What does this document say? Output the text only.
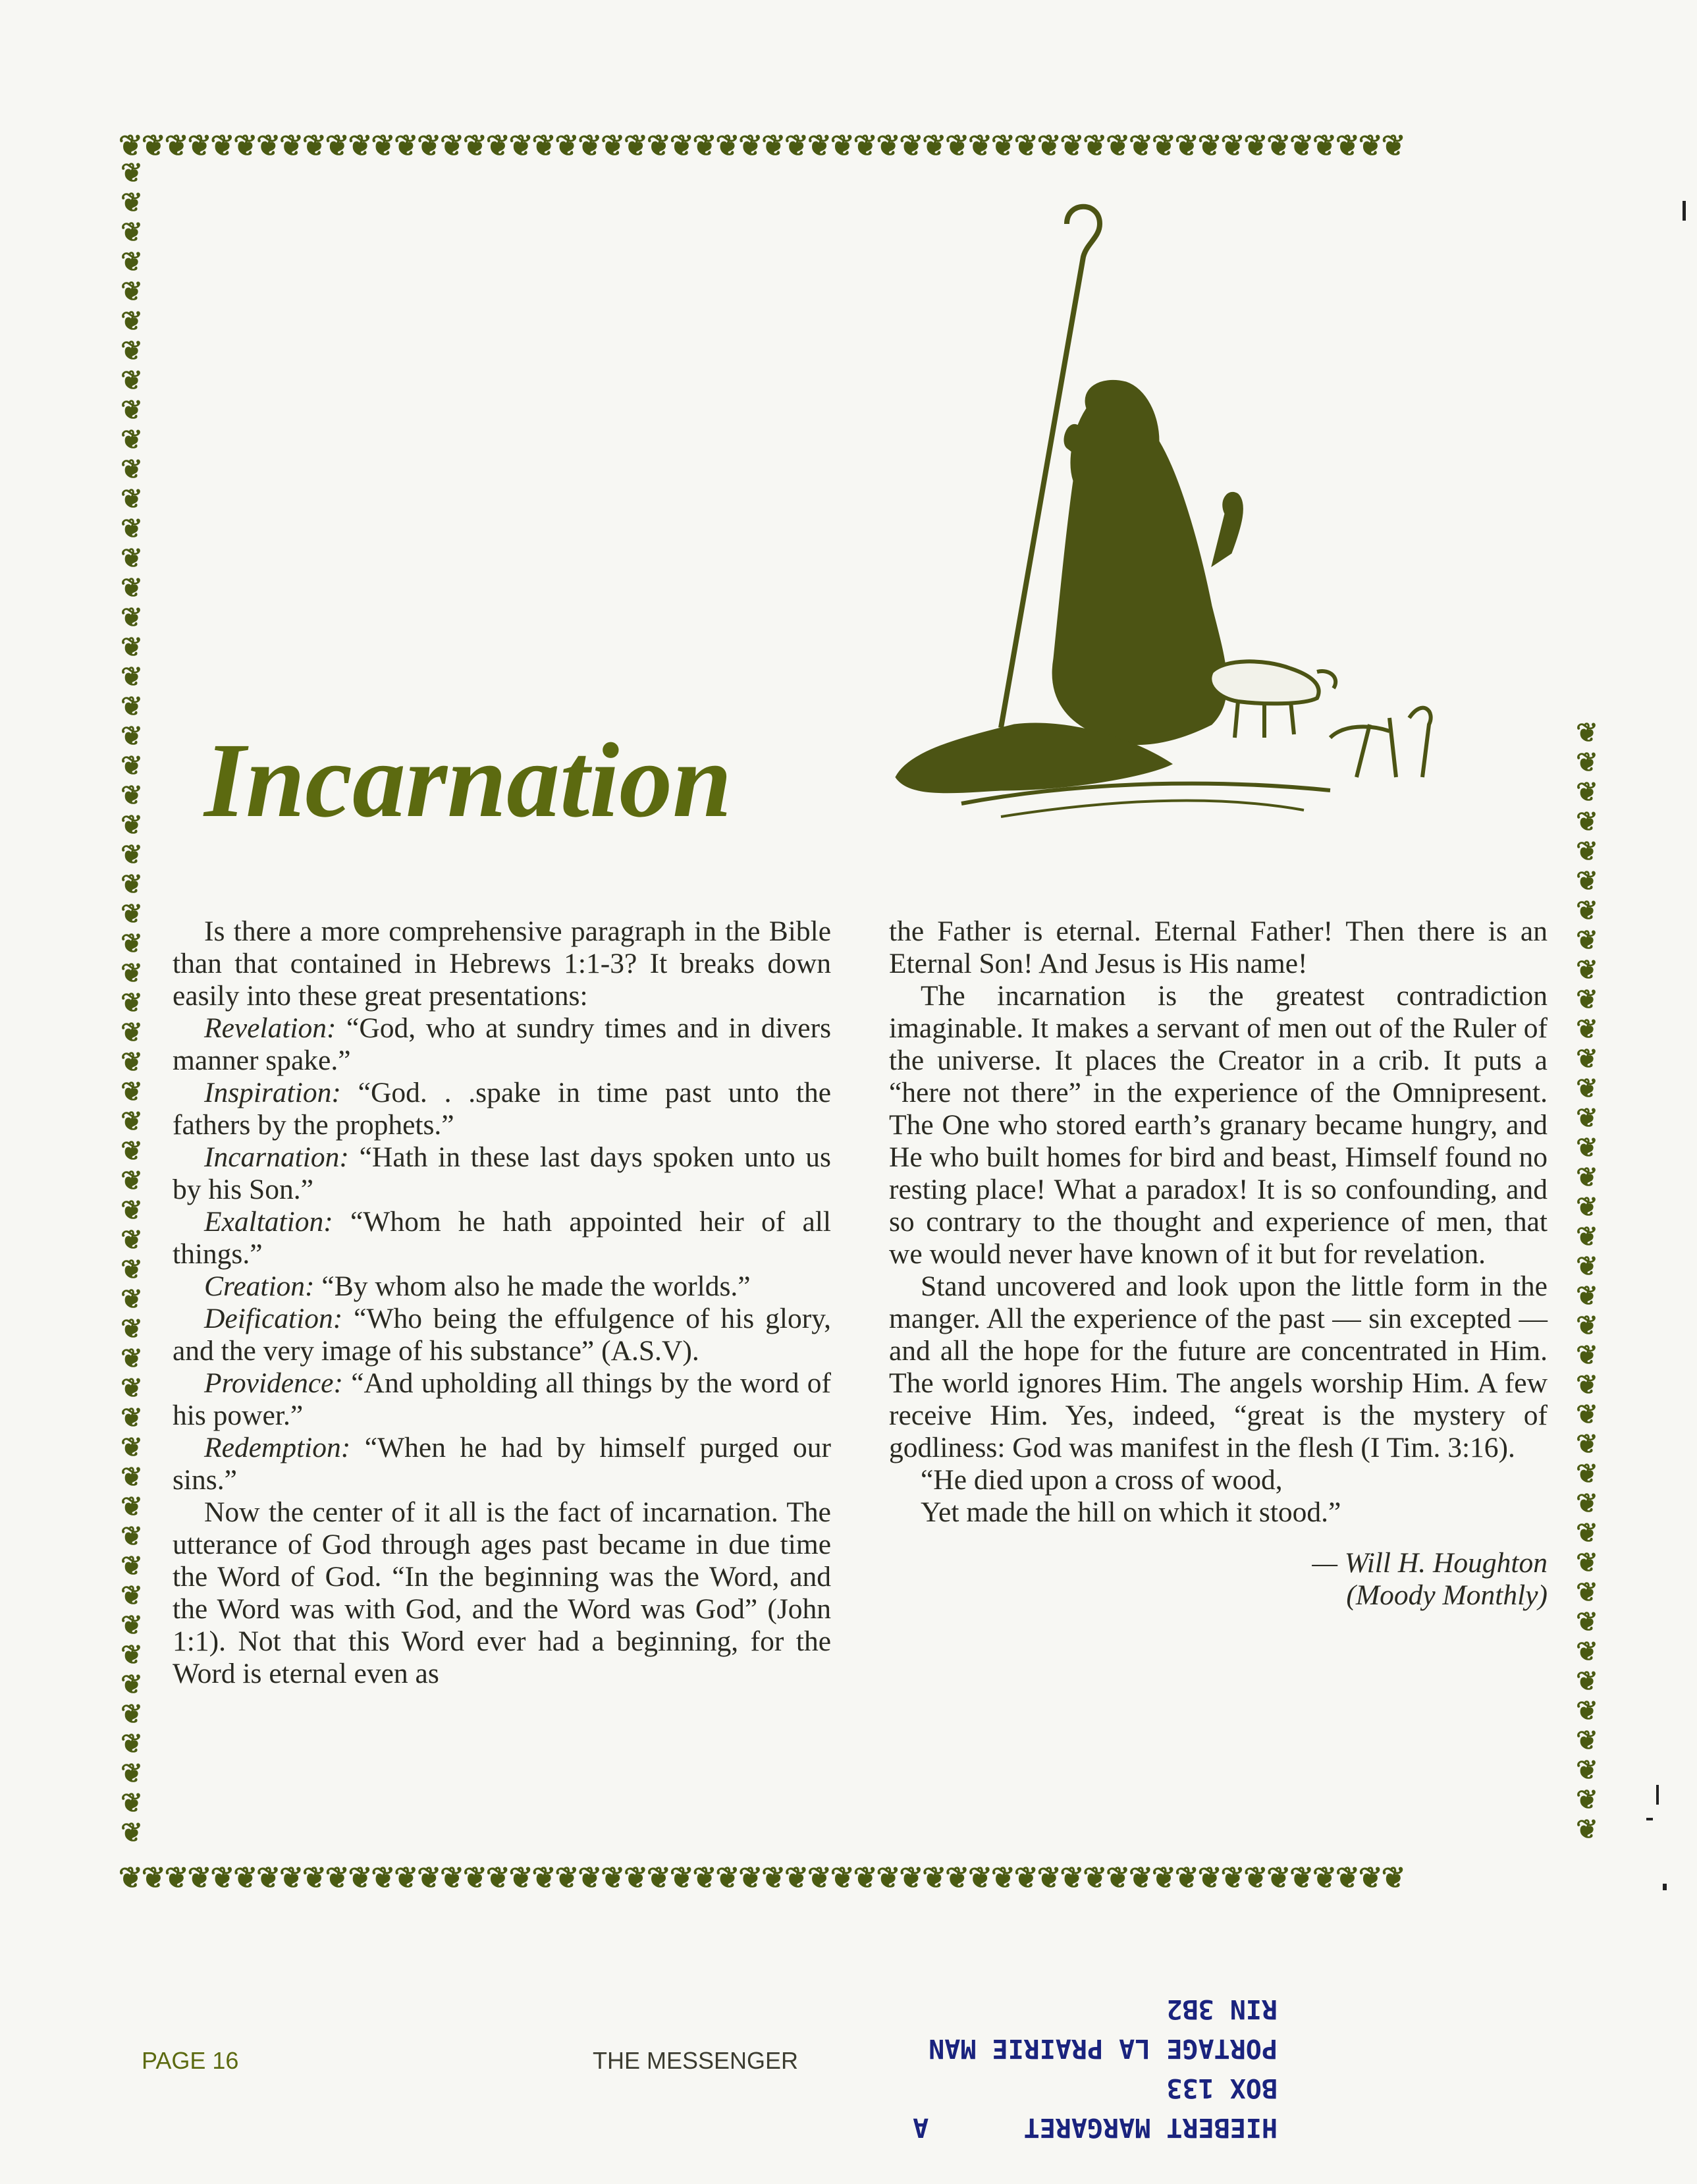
❦❦❦❦❦❦❦❦❦❦❦❦❦❦❦❦❦❦❦❦❦❦❦❦❦❦❦❦❦❦❦❦❦❦❦❦❦❦❦❦❦❦❦❦❦❦❦❦❦❦❦❦❦❦❦❦
❦❦❦❦❦❦❦❦❦❦❦❦❦❦❦❦❦❦❦❦❦❦❦❦❦❦❦❦❦❦❦❦❦❦❦❦❦❦❦❦❦❦❦❦❦❦❦❦❦❦❦❦❦❦❦❦
❦
❦
❦
❦
❦
❦
❦
❦
❦
❦
❦
❦
❦
❦
❦
❦
❦
❦
❦
❦
❦
❦
❦
❦
❦
❦
❦
❦
❦
❦
❦
❦
❦
❦
❦
❦
❦
❦
❦
❦
❦
❦
❦
❦
❦
❦
❦
❦
❦
❦
❦
❦
❦
❦
❦
❦
❦
❦
❦
❦
❦
❦
❦
❦
❦
❦
❦
❦
❦
❦
❦
❦
❦
❦
❦
❦
❦
❦
❦
❦
❦
❦
❦
❦
❦
❦
❦
❦
❦
❦
❦
❦
❦
❦
❦
Incarnation

Is there a more comprehensive paragraph in the Bible than that contained in Hebrews 1:1-3? It breaks down easily into these great presentations:

Revelation: “God, who at sundry times and in divers manner spake.”

Inspiration: “God. . .spake in time past unto the fathers by the prophets.”

Incarnation: “Hath in these last days spoken unto us by his Son.”

Exaltation: “Whom he hath appointed heir of all things.”

Creation: “By whom also he made the worlds.”

Deification: “Who being the effulgence of his glory, and the very image of his substance” (A.S.V).

Providence: “And upholding all things by the word of his power.”

Redemption: “When he had by himself purged our sins.”

Now the center of it all is the fact of incarnation. The utterance of God through ages past became in due time the Word of God. “In the beginning was the Word, and the Word was with God, and the Word was God” (John 1:1). Not that this Word ever had a beginning, for the Word is eternal even as

the Father is eternal. Eternal Father! Then there is an Eternal Son! And Jesus is His name!

The incarnation is the greatest contradiction imaginable. It makes a servant of men out of the Ruler of the universe. It places the Creator in a crib. It puts a “here not there” in the experience of the Omnipresent. The One who stored earth’s granary became hungry, and He who built homes for bird and beast, Himself found no resting place! What a paradox! It is so confounding, and so contrary to the thought and experience of men, that we would never have known of it but for revelation.

Stand uncovered and look upon the little form in the manger. All the experience of the past — sin excepted — and all the hope for the future are concentrated in Him. The world ignores Him. The angels worship Him. A few receive Him. Yes, indeed, “great is the mystery of godliness: God was manifest in the flesh (I Tim. 3:16).

“He died upon a cross of wood,

Yet made the hill on which it stood.”

— Will H. Houghton
(Moody Monthly)
PAGE 16	THE MESSENGER
HIEBERT MARGARET      A
BOX 133
PORTAGE LA PRAIRIE MAN
RIN 3B2
